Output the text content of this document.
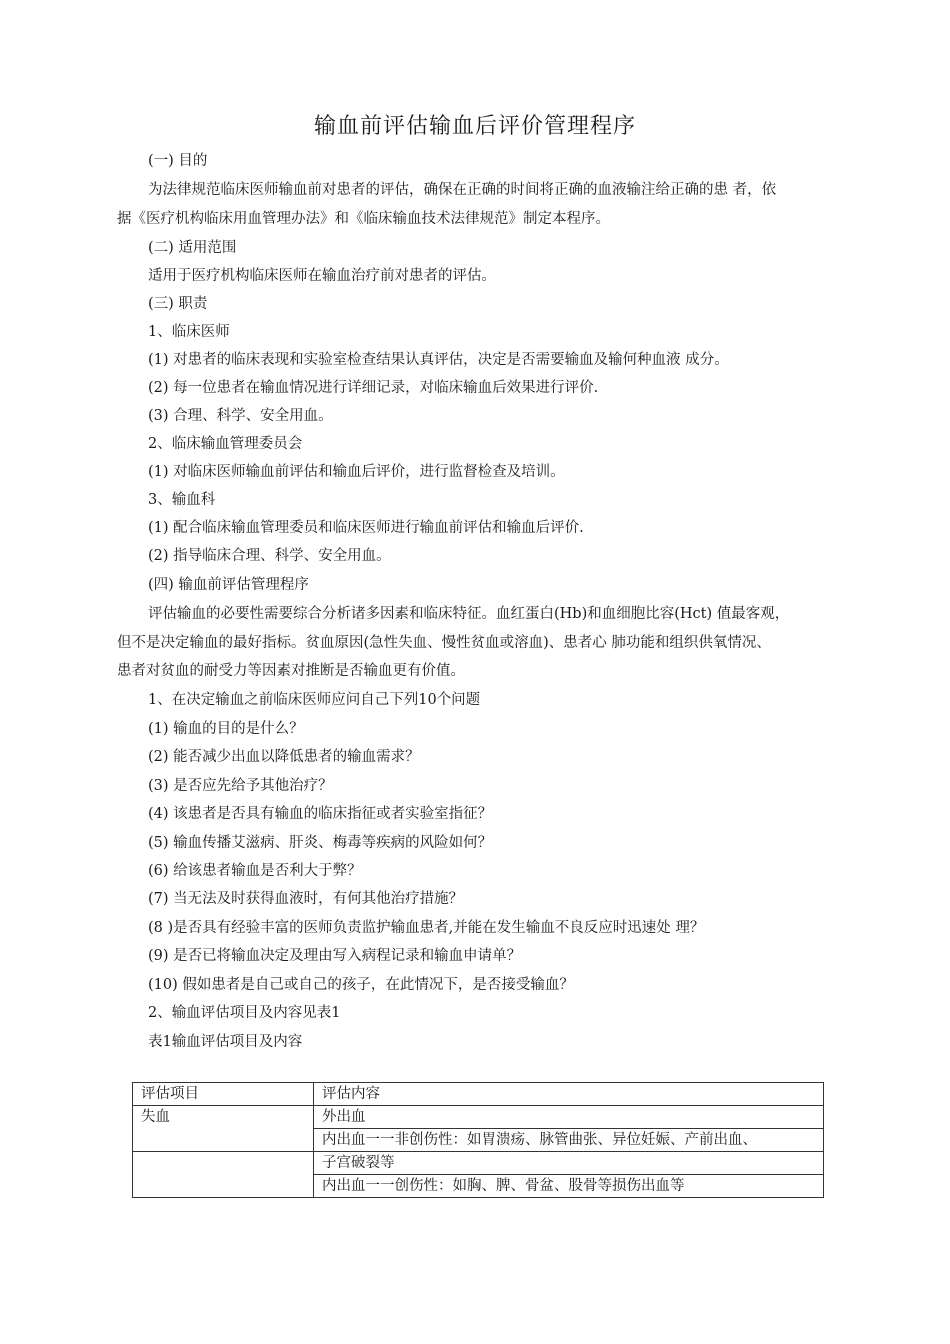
输血前评估输血后评价管理程序
(一) 目的
为法律规范临床医师输血前对患者的评估，确保在正确的时间将正确的血液输注给正确的患 者，依
据《医疗机构临床用血管理办法》和《临床输血技术法律规范》制定本程序。
(二) 适用范围
适用于医疗机构临床医师在输血治疗前对患者的评估。
(三) 职责
1、临床医师
(1) 对患者的临床表现和实验室检查结果认真评估，决定是否需要输血及输何种血液 成分。
(2) 每一位患者在输血情况进行详细记录，对临床输血后效果进行评价.
(3) 合理、科学、安全用血。
2、临床输血管理委员会
(1) 对临床医师输血前评估和输血后评价，进行监督检查及培训。
3、输血科
(1) 配合临床输血管理委员和临床医师进行输血前评估和输血后评价.
(2) 指导临床合理、科学、安全用血。
(四) 输血前评估管理程序
评估输血的必要性需要综合分析诸多因素和临床特征。血红蛋白(Hb)和血细胞比容(Hct) 值最客观，
但不是决定输血的最好指标。贫血原因(急性失血、慢性贫血或溶血)、患者心 肺功能和组织供氧情况、
患者对贫血的耐受力等因素对推断是否输血更有价值。
1、在决定输血之前临床医师应问自己下列10个问题
(1) 输血的目的是什么？
(2) 能否减少出血以降低患者的输血需求？
(3) 是否应先给予其他治疗？
(4) 该患者是否具有输血的临床指征或者实验室指征？
(5) 输血传播艾滋病、肝炎、梅毒等疾病的风险如何？
(6) 给该患者输血是否利大于弊？
(7) 当无法及时获得血液时，有何其他治疗措施？
(8 )是否具有经验丰富的医师负责监护输血患者,并能在发生输血不良反应时迅速处 理？
(9) 是否已将输血决定及理由写入病程记录和输血申请单？
(10) 假如患者是自己或自己的孩子，在此情况下，是否接受输血？
2、输血评估项目及内容见表1
表1输血评估项目及内容
评估项目	评估内容
失血	外出血
	内出血一一非创伤性：如胃溃疡、脉管曲张、异位妊娠、产前出血、
	子宫破裂等
	内出血一一创伤性：如胸、脾、骨盆、股骨等损伤出血等
